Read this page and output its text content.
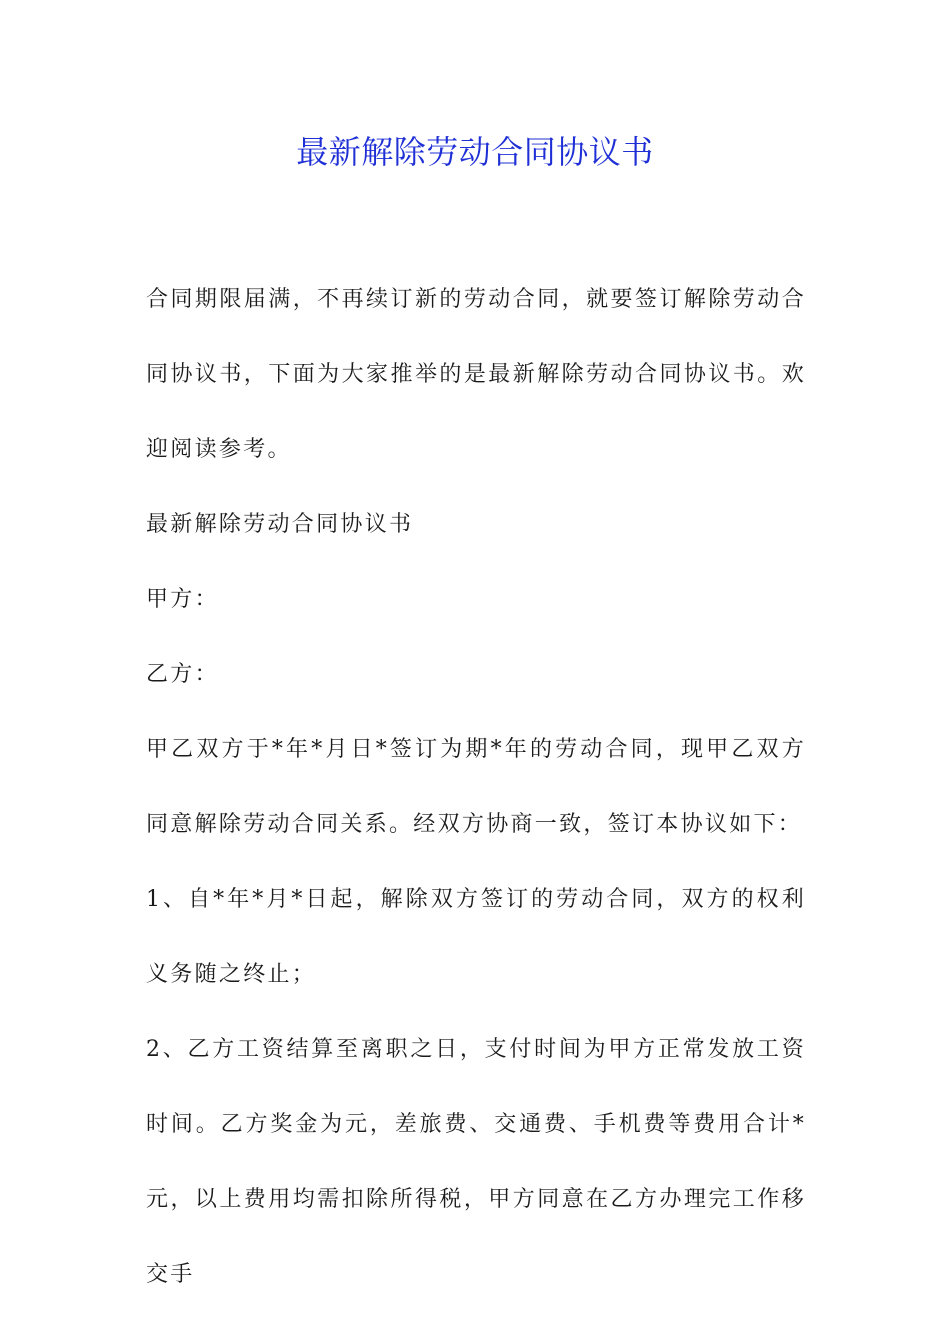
最新解除劳动合同协议书

合同期限届满，不再续订新的劳动合同，就要签订解除劳动合同协议书，下面为大家推举的是最新解除劳动合同协议书。欢迎阅读参考。

最新解除劳动合同协议书

甲方：

乙方：

甲乙双方于*年*月日*签订为期*年的劳动合同，现甲乙双方同意解除劳动合同关系。经双方协商一致，签订本协议如下：

1、自*年*月*日起，解除双方签订的劳动合同，双方的权利义务随之终止；

2、乙方工资结算至离职之日，支付时间为甲方正常发放工资时间。乙方奖金为元，差旅费、交通费、手机费等费用合计*元，以上费用均需扣除所得税，甲方同意在乙方办理完工作移交手
